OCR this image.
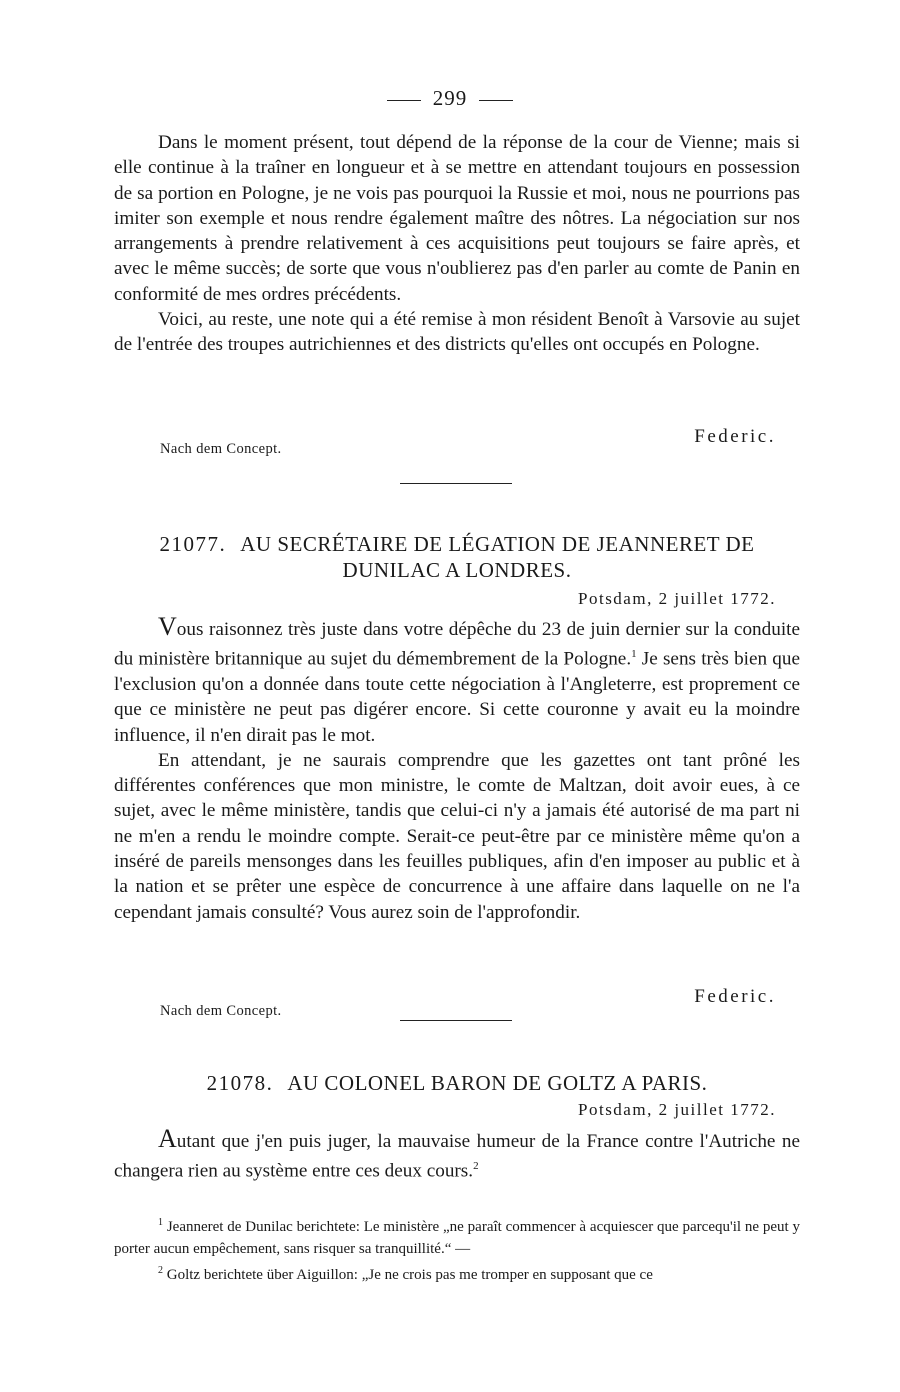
299

Dans le moment présent, tout dépend de la réponse de la cour de Vienne; mais si elle continue à la traîner en longueur et à se mettre en attendant toujours en possession de sa portion en Pologne, je ne vois pas pourquoi la Russie et moi, nous ne pourrions pas imiter son exemple et nous rendre également maître des nôtres. La négociation sur nos arrangements à prendre relativement à ces acquisitions peut toujours se faire après, et avec le même succès; de sorte que vous n'oublierez pas d'en parler au comte de Panin en conformité de mes ordres précédents.

Voici, au reste, une note qui a été remise à mon résident Benoît à Varsovie au sujet de l'entrée des troupes autrichiennes et des districts qu'elles ont occupés en Pologne.

Federic.
Nach dem Concept.
21077. AU SECRÉTAIRE DE LÉGATION DE JEANNERET DE
DUNILAC A LONDRES.
Potsdam, 2 juillet 1772.

Vous raisonnez très juste dans votre dépêche du 23 de juin dernier sur la conduite du ministère britannique au sujet du démembrement de la Pologne.$^1$ Je sens très bien que l'exclusion qu'on a donnée dans toute cette négociation à l'Angleterre, est proprement ce que ce ministère ne peut pas digérer encore. Si cette couronne y avait eu la moindre influence, il n'en dirait pas le mot.

En attendant, je ne saurais comprendre que les gazettes ont tant prôné les différentes conférences que mon ministre, le comte de Maltzan, doit avoir eues, à ce sujet, avec le même ministère, tandis que celui-ci n'y a jamais été autorisé de ma part ni ne m'en a rendu le moindre compte. Serait-ce peut-être par ce ministère même qu'on a inséré de pareils mensonges dans les feuilles publiques, afin d'en imposer au public et à la nation et se prêter une espèce de concurrence à une affaire dans laquelle on ne l'a cependant jamais consulté? Vous aurez soin de l'approfondir.

Federic.
Nach dem Concept.
21078. AU COLONEL BARON DE GOLTZ A PARIS.
Potsdam, 2 juillet 1772.

Autant que j'en puis juger, la mauvaise humeur de la France contre l'Autriche ne changera rien au système entre ces deux cours.$^2$

$^1$ Jeanneret de Dunilac berichtete: Le ministère „ne paraît commencer à acquiescer que parcequ'il ne peut y porter aucun empêchement, sans risquer sa tranquillité.“ —

$^2$ Goltz berichtete über Aiguillon: „Je ne crois pas me tromper en supposant que ce
